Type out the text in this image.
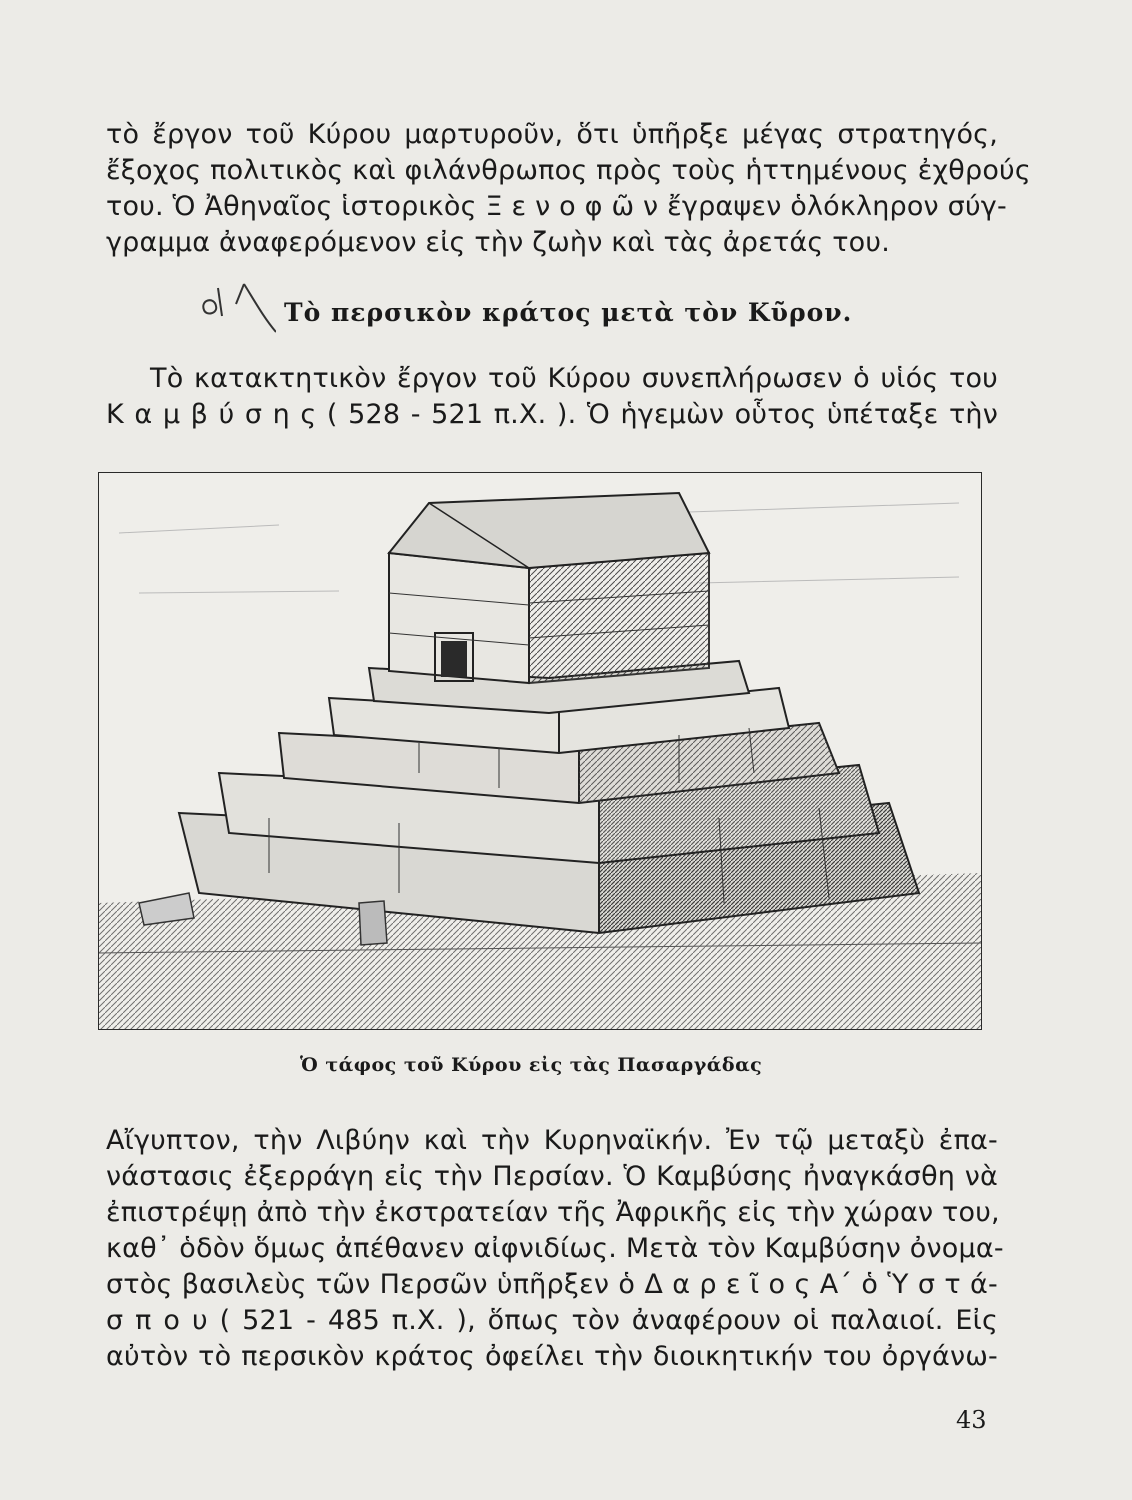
τὸ ἔργον τοῦ Κύρου μαρτυροῦν, ὅτι ὑπῆρξε μέγας στρατηγός,
ἔξοχος πολιτικὸς καὶ φιλάνθρωπος πρὸς τοὺς ἡττημένους ἐχθρούς
του. Ὁ Ἀθηναῖος ἱστορικὸς Ξ ε ν ο φ ῶ ν ἔγραψεν ὁλόκληρον σύγ-
γραμμα ἀναφερόμενον εἰς τὴν ζωὴν καὶ τὰς ἀρετάς του.
Τὸ περσικὸν κράτος μετὰ τὸν Κῦρον.
Τὸ κατακτητικὸν ἔργον τοῦ Κύρου συνεπλήρωσεν ὁ υἱός του
Κ α μ β ύ σ η ς ( 528 - 521 π.Χ. ). Ὁ ἡγεμὼν οὗτος ὑπέταξε τὴν
Ὁ τάφος τοῦ Κύρου εἰς τὰς Πασαργάδας
Αἴγυπτον, τὴν Λιβύην καὶ τὴν Κυρηναϊκήν. Ἐν τῷ μεταξὺ ἐπα-
νάστασις ἐξερράγη εἰς τὴν Περσίαν. Ὁ Καμβύσης ἠναγκάσθη νὰ
ἐπιστρέψῃ ἀπὸ τὴν ἐκστρατείαν τῆς Ἀφρικῆς εἰς τὴν χώραν του,
καθ᾽ ὁδὸν ὅμως ἀπέθανεν αἰφνιδίως. Μετὰ τὸν Καμβύσην ὀνομα-
στὸς βασιλεὺς τῶν Περσῶν ὑπῆρξεν ὁ Δ α ρ ε ῖ ο ς Α΄ ὁ Ὑ σ τ ά-
σ π ο υ ( 521 - 485 π.Χ. ), ὅπως τὸν ἀναφέρουν οἱ παλαιοί. Εἰς
αὐτὸν τὸ περσικὸν κράτος ὀφείλει τὴν διοικητικήν του ὀργάνω-
43
